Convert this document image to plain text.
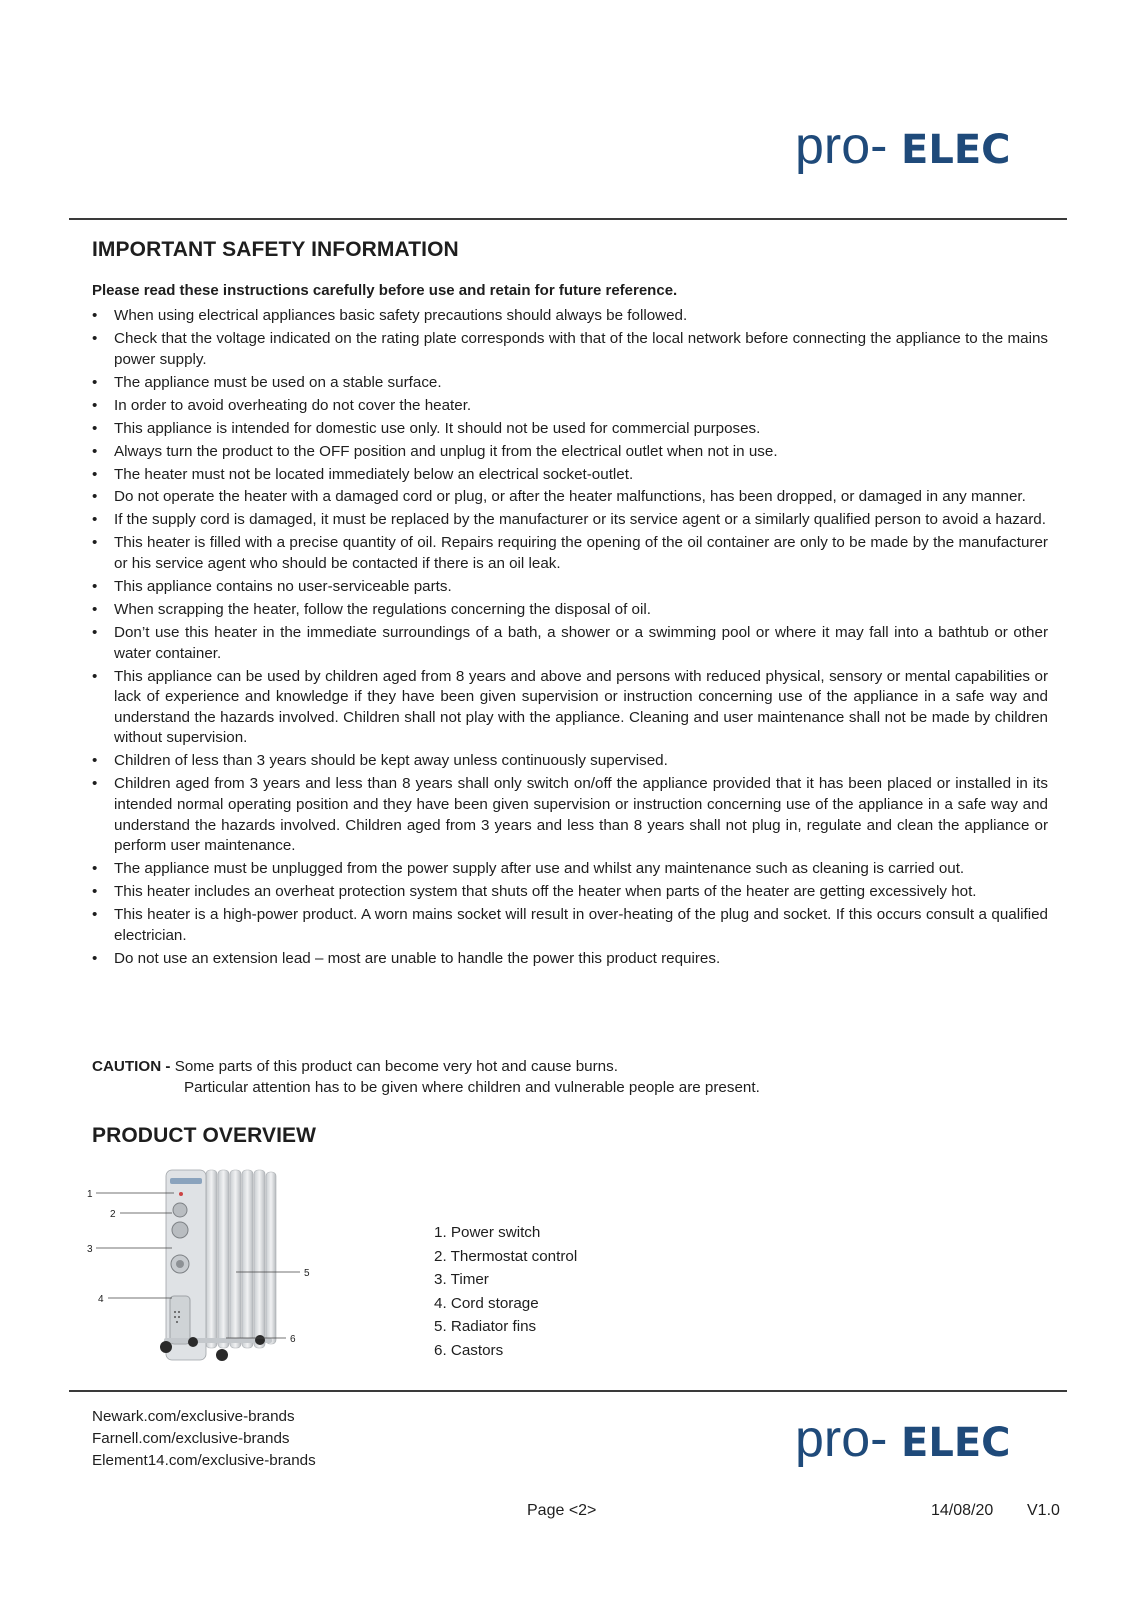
pro- ELEC
IMPORTANT SAFETY INFORMATION
Please read these instructions carefully before use and retain for future reference.
• When using electrical appliances basic safety precautions should always be followed.
• Check that the voltage indicated on the rating plate corresponds with that of the local network before connecting the appliance to the mains power supply.
• The appliance must be used on a stable surface.
• In order to avoid overheating do not cover the heater.
• This appliance is intended for domestic use only. It should not be used for commercial purposes.
• Always turn the product to the OFF position and unplug it from the electrical outlet when not in use.
• The heater must not be located immediately below an electrical socket-outlet.
• Do not operate the heater with a damaged cord or plug, or after the heater malfunctions, has been dropped, or damaged in any manner.
• If the supply cord is damaged, it must be replaced by the manufacturer or its service agent or a similarly qualified person to avoid a hazard.
• This heater is filled with a precise quantity of oil. Repairs requiring the opening of the oil container are only to be made by the manufacturer or his service agent who should be contacted if there is an oil leak.
• This appliance contains no user-serviceable parts.
• When scrapping the heater, follow the regulations concerning the disposal of oil.
• Don’t use this heater in the immediate surroundings of a bath, a shower or a swimming pool or where it may fall into a bathtub or other water container.
• This appliance can be used by children aged from 8 years and above and persons with reduced physical, sensory or mental capabilities or lack of experience and knowledge if they have been given supervision or instruction concerning use of the appliance in a safe way and understand the hazards involved. Children shall not play with the appliance. Cleaning and user maintenance shall not be made by children without supervision.
• Children of less than 3 years should be kept away unless continuously supervised.
• Children aged from 3 years and less than 8 years shall only switch on/off the appliance provided that it has been placed or installed in its intended normal operating position and they have been given supervision or instruction concerning use of the appliance in a safe way and understand the hazards involved. Children aged from 3 years and less than 8 years shall not plug in, regulate and clean the appliance or perform user maintenance.
• The appliance must be unplugged from the power supply after use and whilst any maintenance such as cleaning is carried out.
• This heater includes an overheat protection system that shuts off the heater when parts of the heater are getting excessively hot.
• This heater is a high-power product. A worn mains socket will result in over-heating of the plug and socket. If this occurs consult a qualified electrician.
• Do not use an extension lead – most are unable to handle the power this product requires.
CAUTION - Some parts of this product can become very hot and cause burns.
Particular attention has to be given where children and vulnerable people are present.
PRODUCT OVERVIEW
1
2
3
5
4
6
1. Power switch
2. Thermostat control
3. Timer
4. Cord storage
5. Radiator fins
6. Castors
Newark.com/exclusive-brands
Farnell.com/exclusive-brands
Element14.com/exclusive-brands	pro- ELEC
Page <2>	14/08/20 V1.0
